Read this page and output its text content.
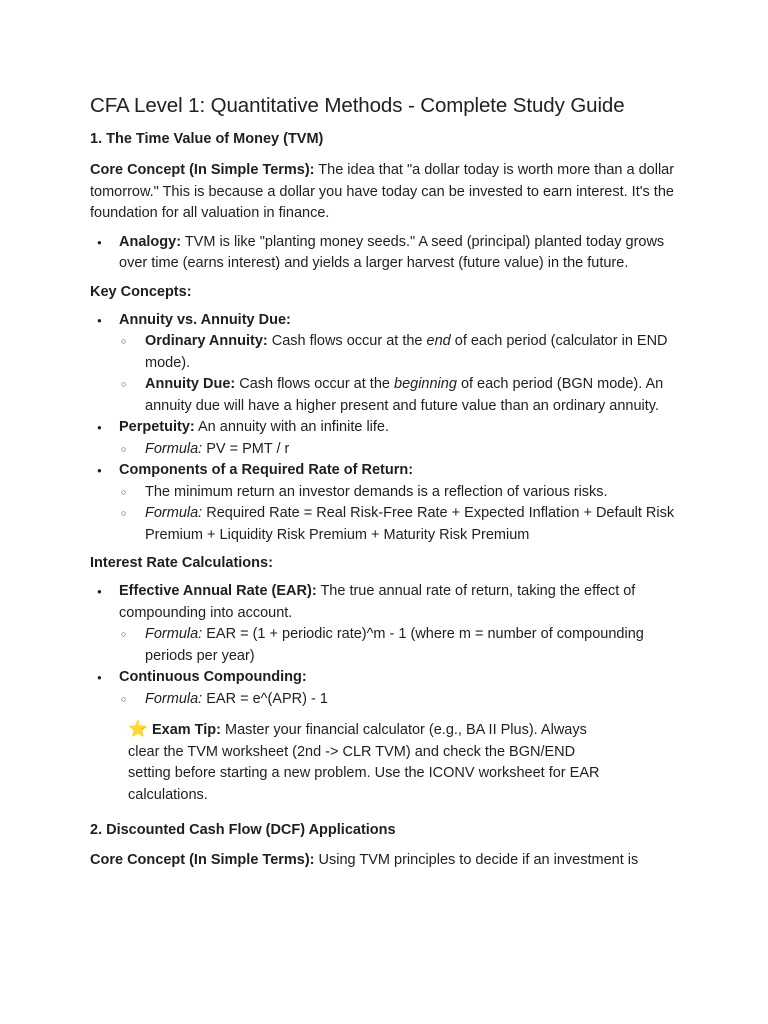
CFA Level 1: Quantitative Methods - Complete Study Guide
1. The Time Value of Money (TVM)

Core Concept (In Simple Terms): The idea that "a dollar today is worth more than a dollar tomorrow." This is because a dollar you have today can be invested to earn interest. It's the foundation for all valuation in finance.

● Analogy: TVM is like "planting money seeds." A seed (principal) planted today grows over time (earns interest) and yields a larger harvest (future value) in the future.
Key Concepts:
● Annuity vs. Annuity Due:
○ Ordinary Annuity: Cash flows occur at the end of each period (calculator in END mode).
○ Annuity Due: Cash flows occur at the beginning of each period (BGN mode). An annuity due will have a higher present and future value than an ordinary annuity.
● Perpetuity: An annuity with an infinite life.
○ Formula: PV = PMT / r
● Components of a Required Rate of Return:
○ The minimum return an investor demands is a reflection of various risks.
○ Formula: Required Rate = Real Risk-Free Rate + Expected Inflation + Default Risk Premium + Liquidity Risk Premium + Maturity Risk Premium
Interest Rate Calculations:
● Effective Annual Rate (EAR): The true annual rate of return, taking the effect of compounding into account.
○ Formula: EAR = (1 + periodic rate)^m - 1 (where m = number of compounding periods per year)
● Continuous Compounding:
○ Formula: EAR = e^(APR) - 1
⭐ Exam Tip: Master your financial calculator (e.g., BA II Plus). Always clear the TVM worksheet (2nd -> CLR TVM) and check the BGN/END setting before starting a new problem. Use the ICONV worksheet for EAR calculations.
2. Discounted Cash Flow (DCF) Applications

Core Concept (In Simple Terms): Using TVM principles to decide if an investment is
